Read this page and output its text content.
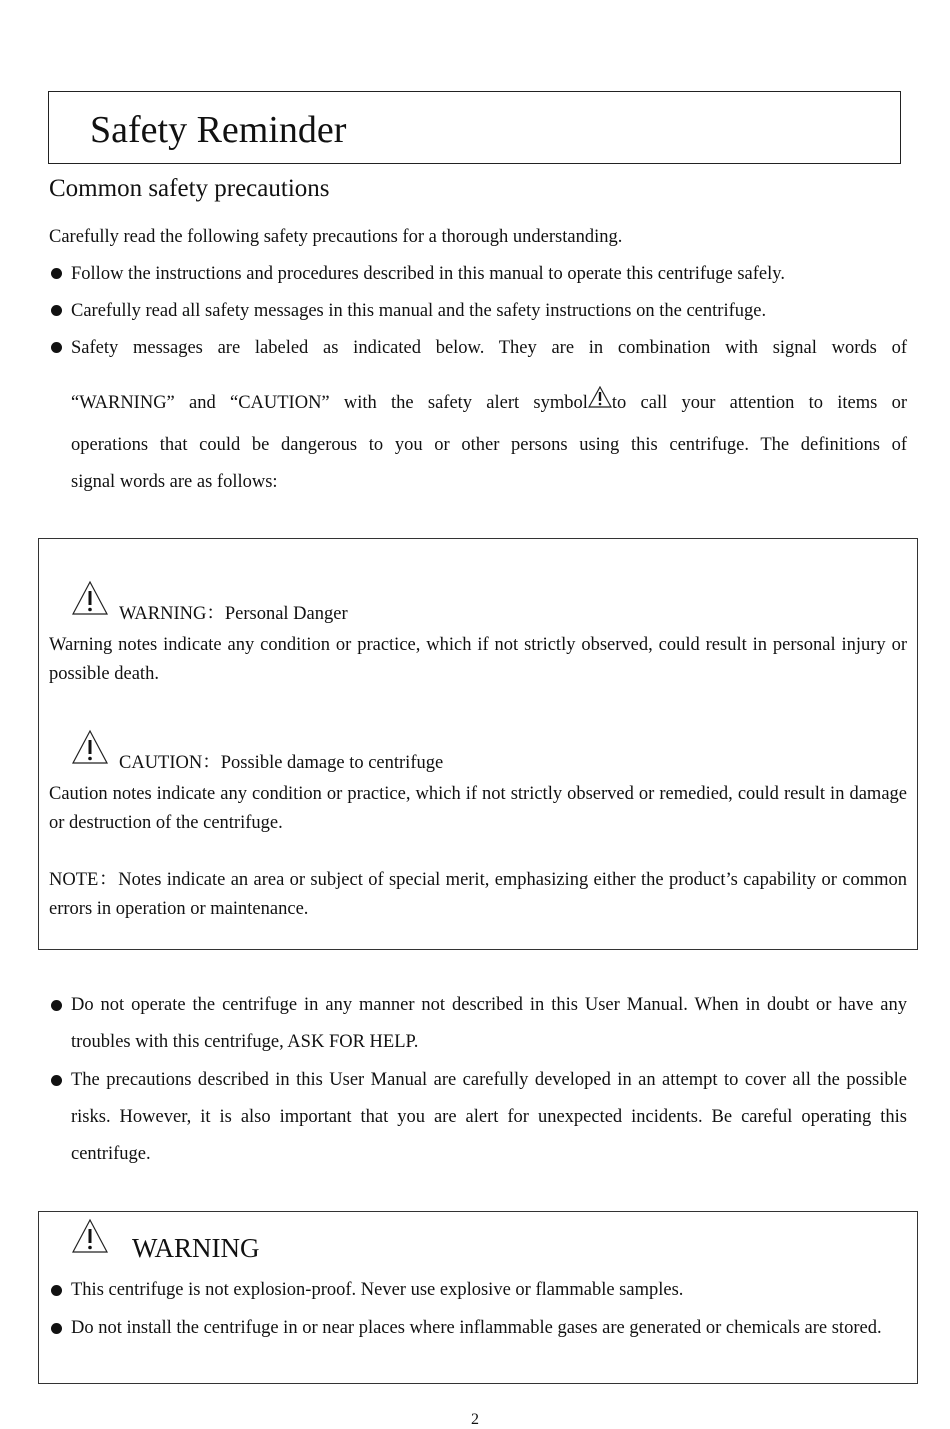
Safety Reminder
Common safety precautions
Carefully read the following safety precautions for a thorough understanding.
Follow the instructions and procedures described in this manual to operate this centrifuge safely.
Carefully read all safety messages in this manual and the safety instructions on the centrifuge.
Safety messages are labeled as indicated below. They are in combination with signal words of
“WARNING” and “CAUTION” with the safety alert symbol to call your attention to items or
operations that could be dangerous to you or other persons using this centrifuge. The definitions of
signal words are as follows:
WARNING：Personal Danger
Warning notes indicate any condition or practice, which if not strictly observed, could result in personal injury or possible death.
CAUTION：Possible damage to centrifuge
Caution notes indicate any condition or practice, which if not strictly observed or remedied, could result in damage or destruction of the centrifuge.
NOTE：Notes indicate an area or subject of special merit, emphasizing either the product’s capability or common errors in operation or maintenance.
Do not operate the centrifuge in any manner not described in this User Manual. When in doubt or have any troubles with this centrifuge, ASK FOR HELP.
The precautions described in this User Manual are carefully developed in an attempt to cover all the possible risks. However, it is also important that you are alert for unexpected incidents. Be careful operating this centrifuge.
WARNING
This centrifuge is not explosion-proof. Never use explosive or flammable samples.
Do not install the centrifuge in or near places where inflammable gases are generated or chemicals are stored.
2
